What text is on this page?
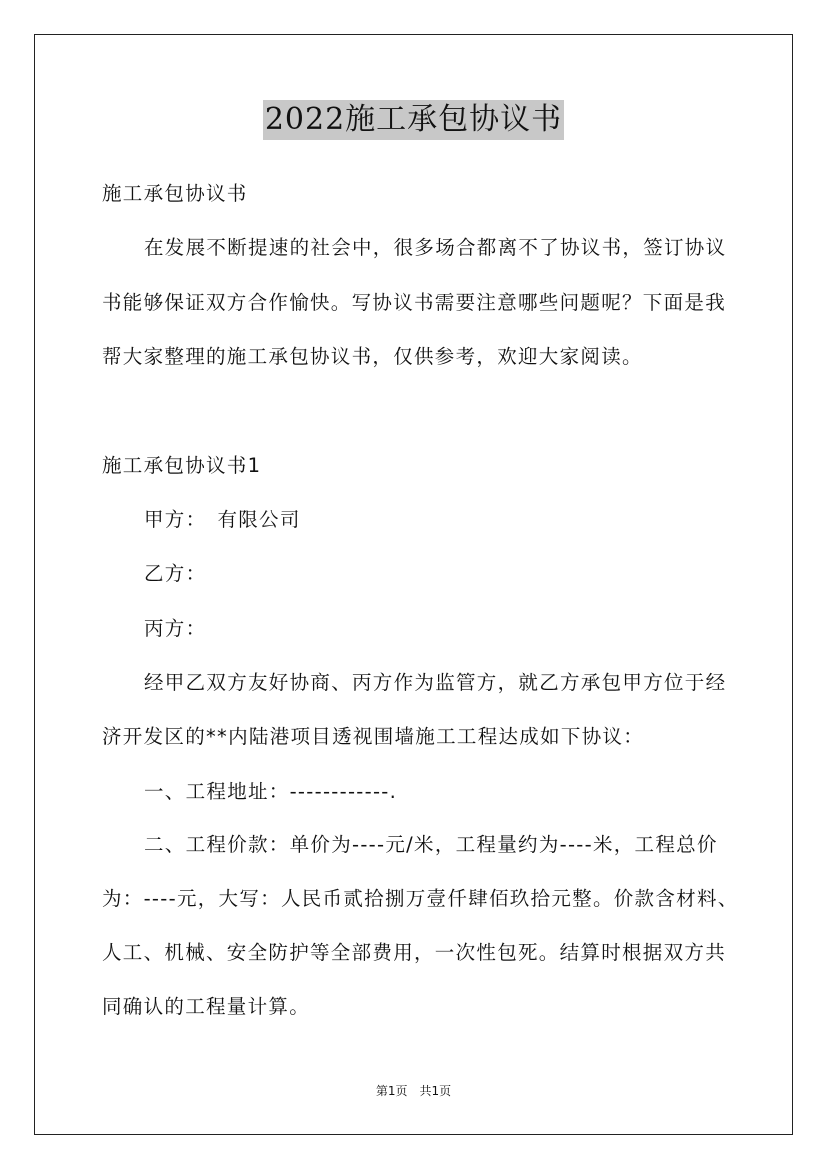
2022施工承包协议书
施工承包协议书
在发展不断提速的社会中，很多场合都离不了协议书，签订协议
书能够保证双方合作愉快。写协议书需要注意哪些问题呢？下面是我
帮大家整理的施工承包协议书，仅供参考，欢迎大家阅读。
施工承包协议书1
甲方：　有限公司
乙方：
丙方：
经甲乙双方友好协商、丙方作为监管方，就乙方承包甲方位于经
济开发区的**内陆港项目透视围墙施工工程达成如下协议：
一、工程地址：------------.
二、工程价款：单价为----元/米，工程量约为----米，工程总价
为：----元，大写：人民币贰拾捌万壹仟肆佰玖拾元整。价款含材料、
人工、机械、安全防护等全部费用，一次性包死。结算时根据双方共
同确认的工程量计算。
第1页　共1页
